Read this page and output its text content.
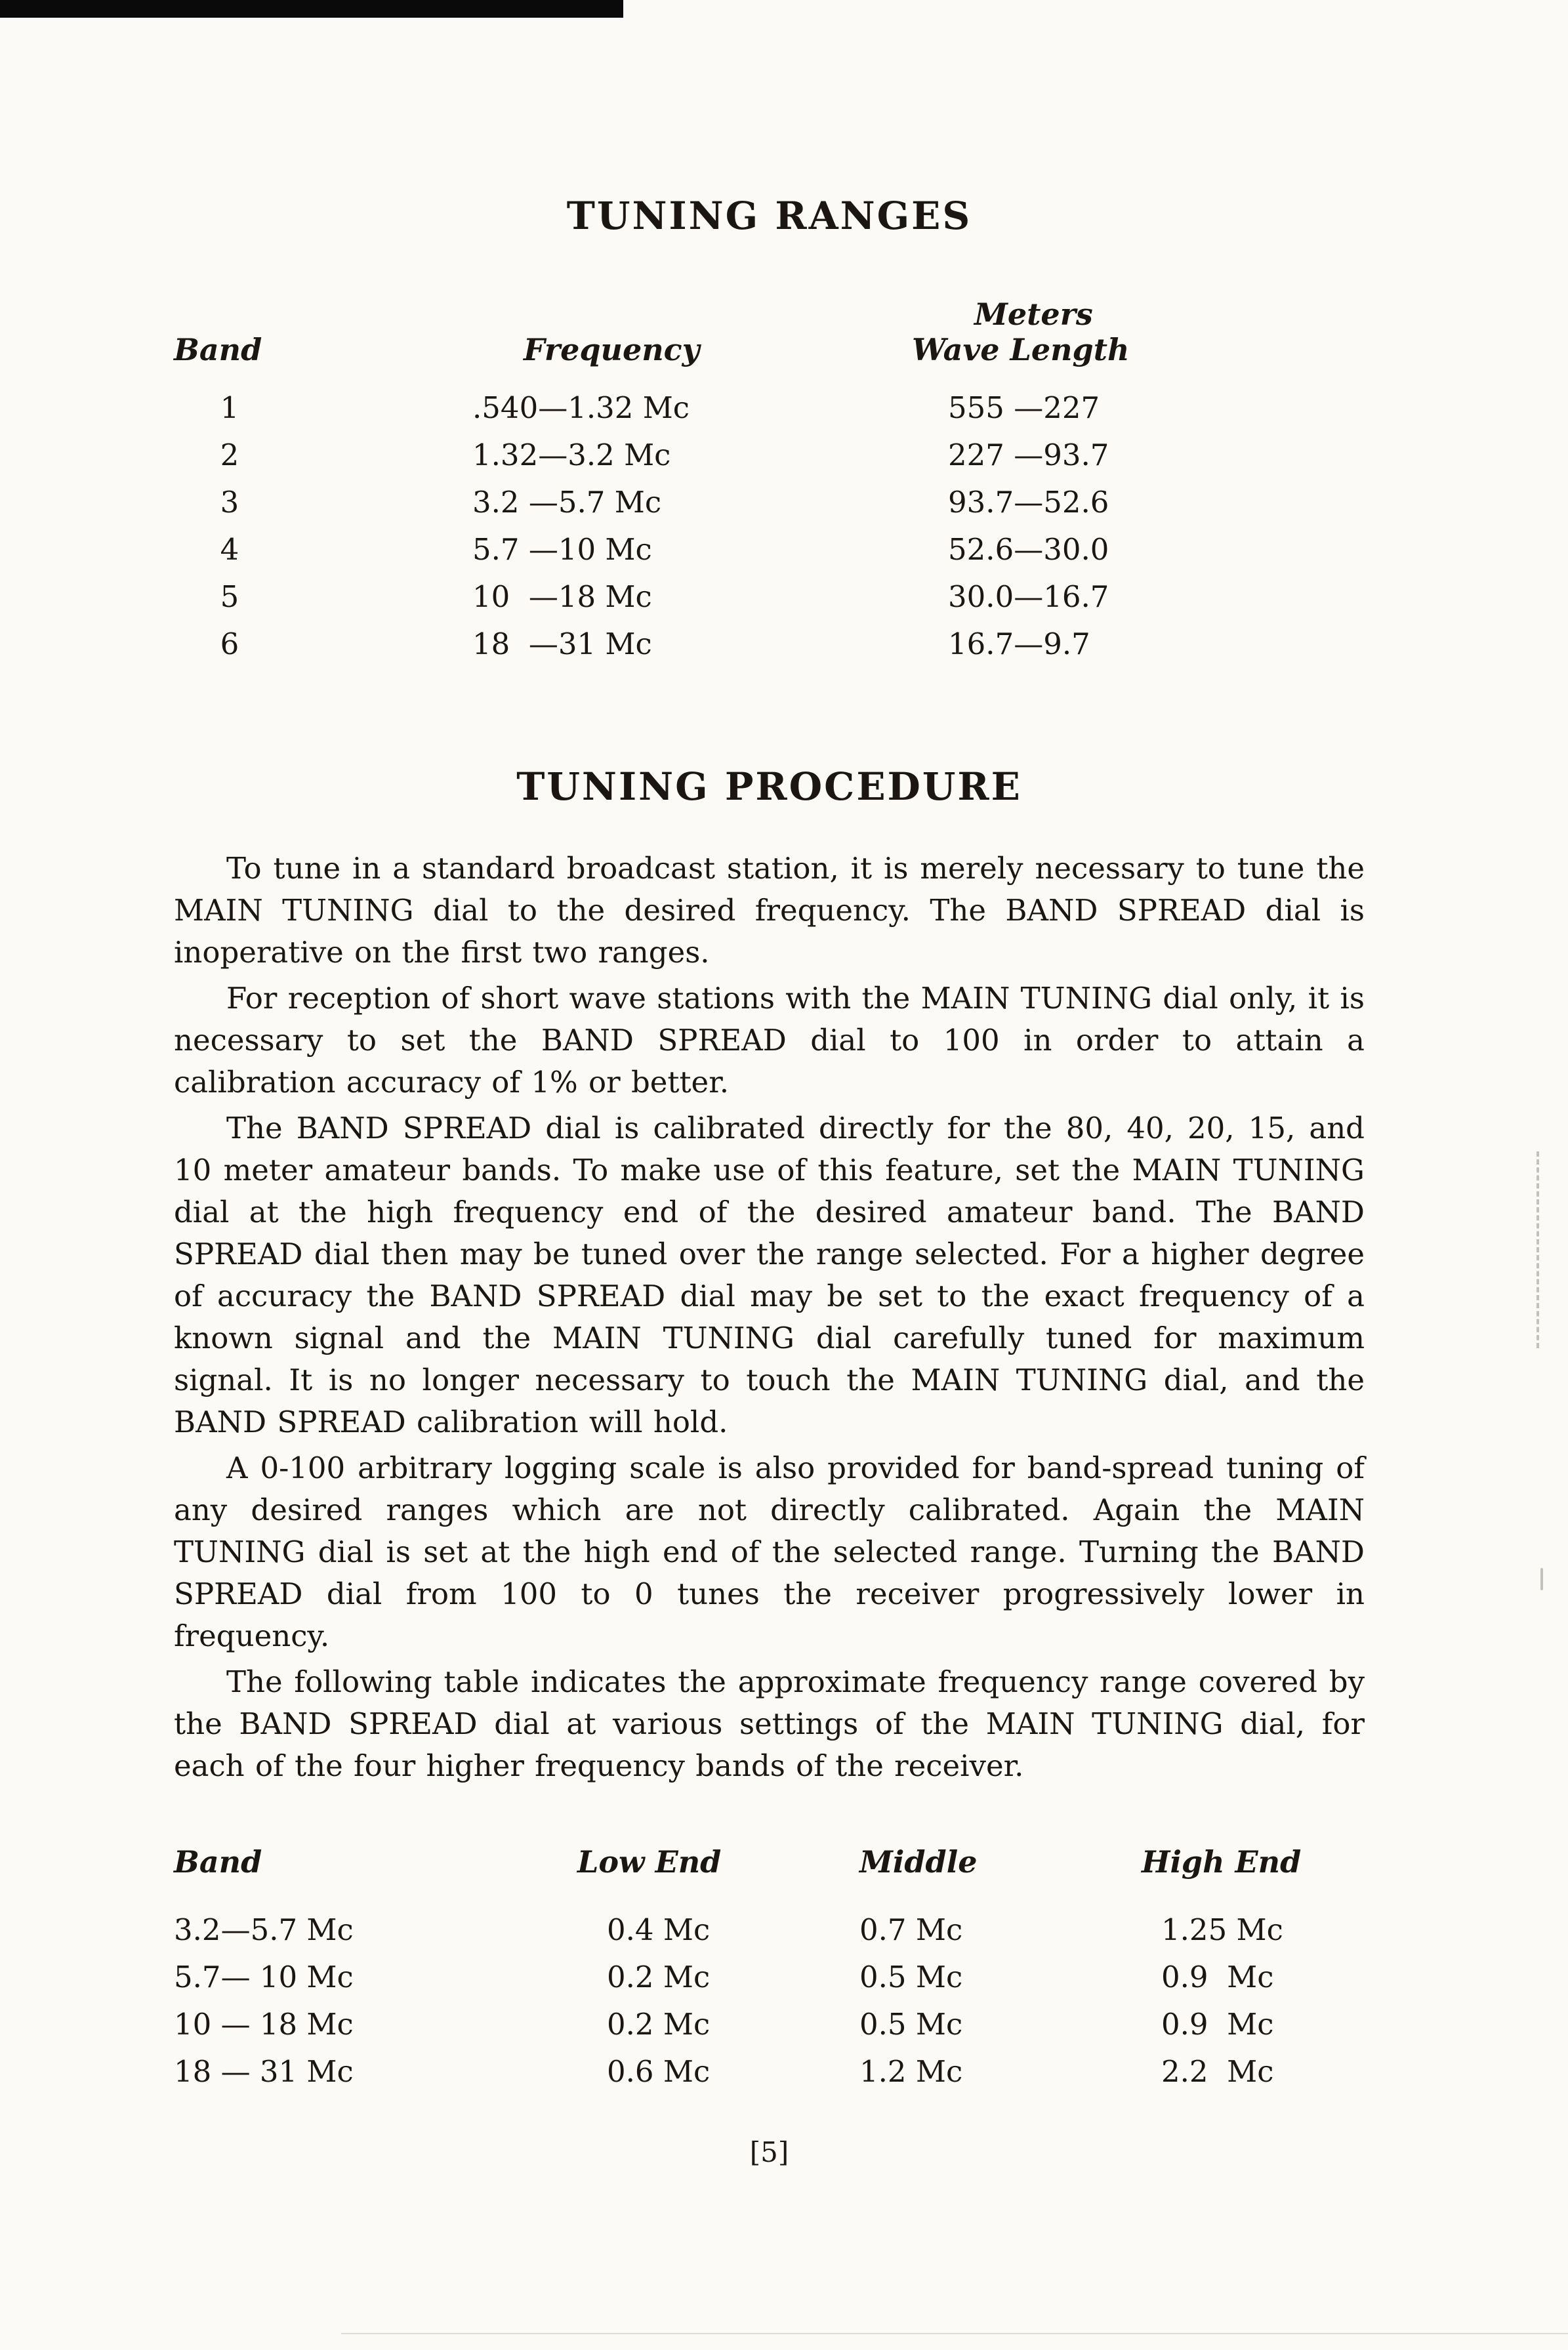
TUNING RANGES
Band	Frequency
Meters
Wave Length
1	.540—1.32 Mc	555 —227
2	1.32—3.2 Mc	227 —93.7
3	3.2 —5.7 Mc	93.7—52.6
4	5.7 —10 Mc	52.6—30.0
5	10  —18 Mc	30.0—16.7
6	18  —31 Mc	16.7—9.7
TUNING PROCEDURE

To tune in a standard broadcast station, it is merely necessary to tune the MAIN TUNING dial to the desired frequency. The BAND SPREAD dial is inoperative on the first two ranges.

For reception of short wave stations with the MAIN TUNING dial only, it is necessary to set the BAND SPREAD dial to 100 in order to attain a calibration accuracy of 1% or better.

The BAND SPREAD dial is calibrated directly for the 80, 40, 20, 15, and 10 meter amateur bands. To make use of this feature, set the MAIN TUNING dial at the high frequency end of the desired amateur band. The BAND SPREAD dial then may be tuned over the range selected. For a higher degree of accuracy the BAND SPREAD dial may be set to the exact frequency of a known signal and the MAIN TUNING dial carefully tuned for maximum signal. It is no longer necessary to touch the MAIN TUNING dial, and the BAND SPREAD calibration will hold.

A 0-100 arbitrary logging scale is also provided for band-spread tuning of any desired ranges which are not directly calibrated. Again the MAIN TUNING dial is set at the high end of the selected range. Turning the BAND SPREAD dial from 100 to 0 tunes the receiver progressively lower in frequency.

The following table indicates the approximate frequency range covered by the BAND SPREAD dial at various settings of the MAIN TUNING dial, for each of the four higher frequency bands of the receiver.

Band	Low End	Middle	High End
3.2—5.7 Mc	0.4 Mc	0.7 Mc	1.25 Mc
5.7— 10 Mc	0.2 Mc	0.5 Mc	0.9  Mc
10 — 18 Mc	0.2 Mc	0.5 Mc	0.9  Mc
18 — 31 Mc	0.6 Mc	1.2 Mc	2.2  Mc
[5]
